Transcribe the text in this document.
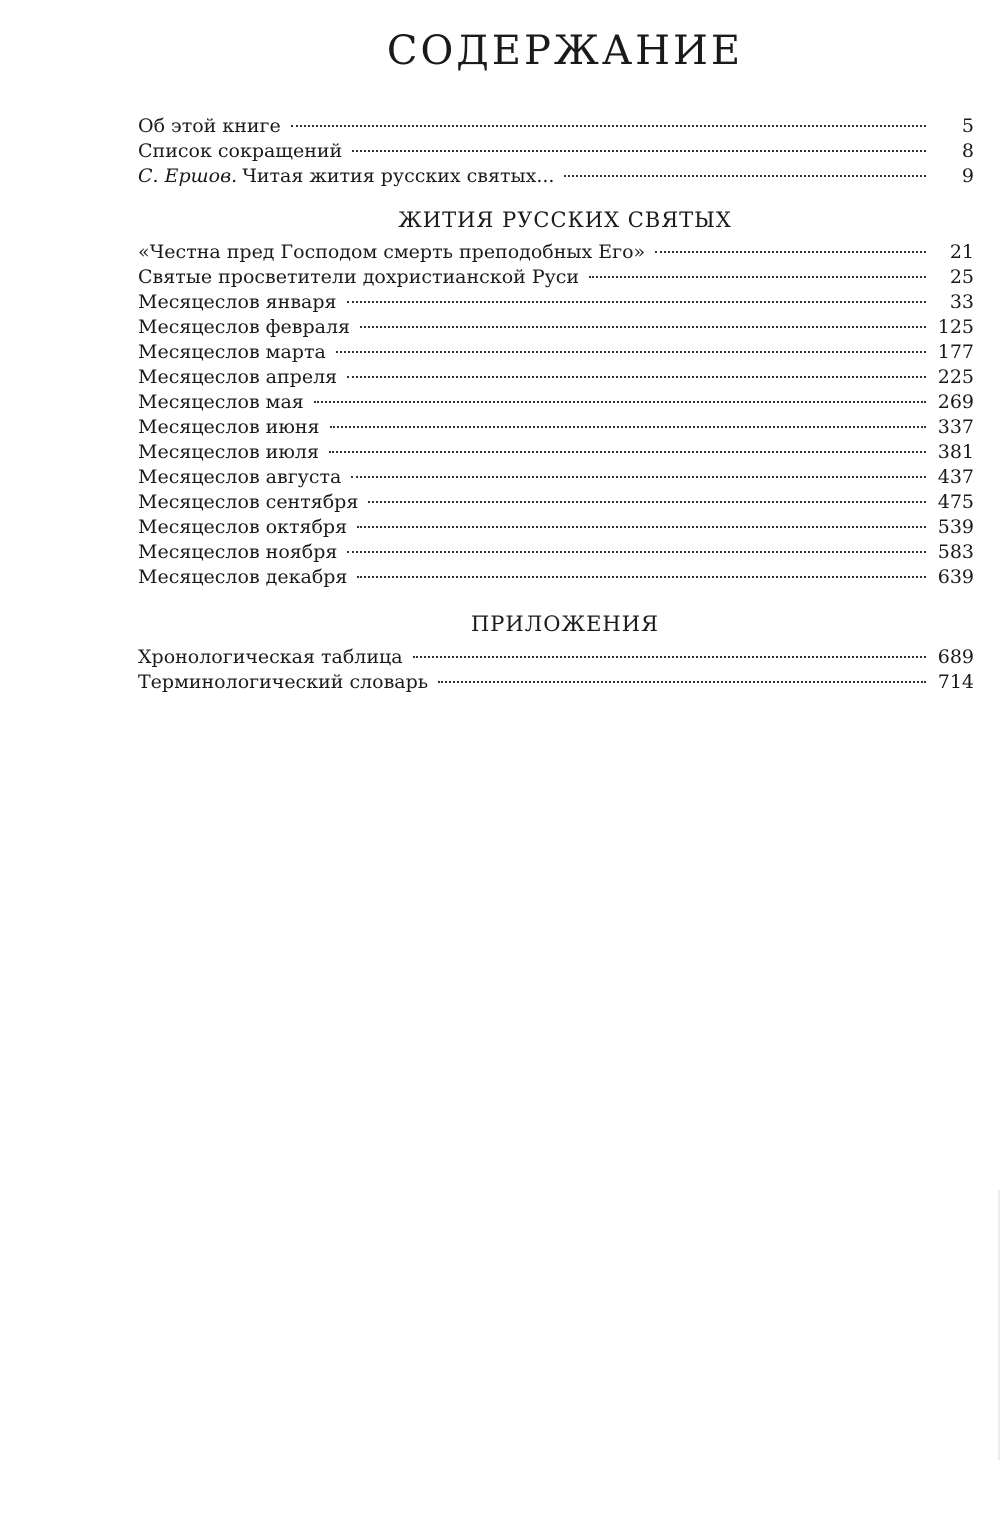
СОДЕРЖАНИЕ
Об этой книге	5
Список сокращений	8
С. Ершов. Читая жития русских святых...	9
ЖИТИЯ РУССКИХ СВЯТЫХ
«Честна пред Господом смерть преподобных Его»	21
Святые просветители дохристианской Руси	25
Месяцеслов января	33
Месяцеслов февраля	125
Месяцеслов марта	177
Месяцеслов апреля	225
Месяцеслов мая	269
Месяцеслов июня	337
Месяцеслов июля	381
Месяцеслов августа	437
Месяцеслов сентября	475
Месяцеслов октября	539
Месяцеслов ноября	583
Месяцеслов декабря	639
ПРИЛОЖЕНИЯ
Хронологическая таблица	689
Терминологический словарь	714
